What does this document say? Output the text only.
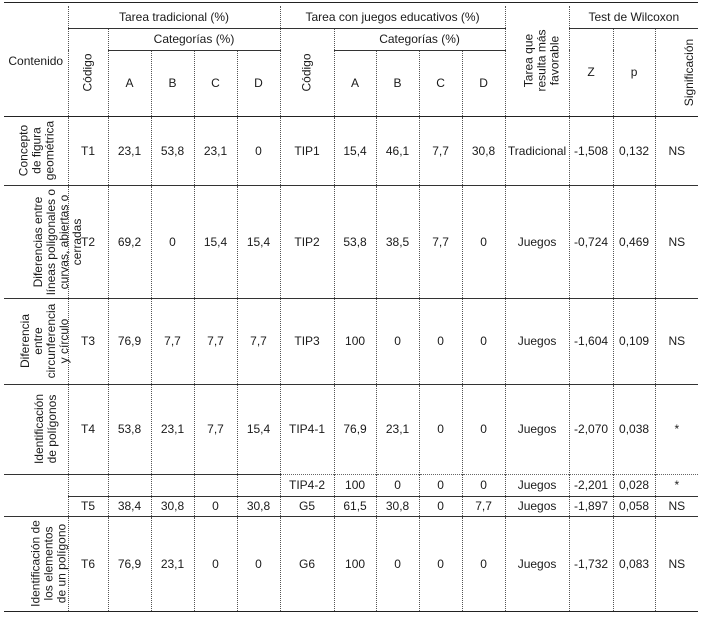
Contenido	Tarea tradicional (%)					Tarea con juegos educativos (%)					Tarea que resulta más favorable	Test de Wilcoxon		
	Código	Categorías (%)				Código	Categorías (%)					Z	p	Significación
		A	B	C	D		A	B	C	D				
Concepto de figura geométrica	T1	23,1	53,8	23,1	0	TIP1	15,4	46,1	7,7	30,8	Tradicional	-1,508	0,132	NS
Diferencias entre líneas poligonales o curvas, abiertas o cerradas	T2	69,2	0	15,4	15,4	TIP2	53,8	38,5	7,7	0	Juegos	-0,724	0,469	NS
Diferencia entre circunferencia y círculo	T3	76,9	7,7	7,7	7,7	TIP3	100	0	0	0	Juegos	-1,604	0,109	NS
Identificación de polígonos	T4	53,8	23,1	7,7	15,4	TIP4-1	76,9	23,1	0	0	Juegos	-2,070	0,038	*
						TIP4-2	100	0	0	0	Juegos	-2,201	0,028	*
	T5	38,4	30,8	0	30,8	G5	61,5	30,8	0	7,7	Juegos	-1,897	0,058	NS
Identificación de los elementos de un polígono	T6	76,9	23,1	0	0	G6	100	0	0	0	Juegos	-1,732	0,083	NS
